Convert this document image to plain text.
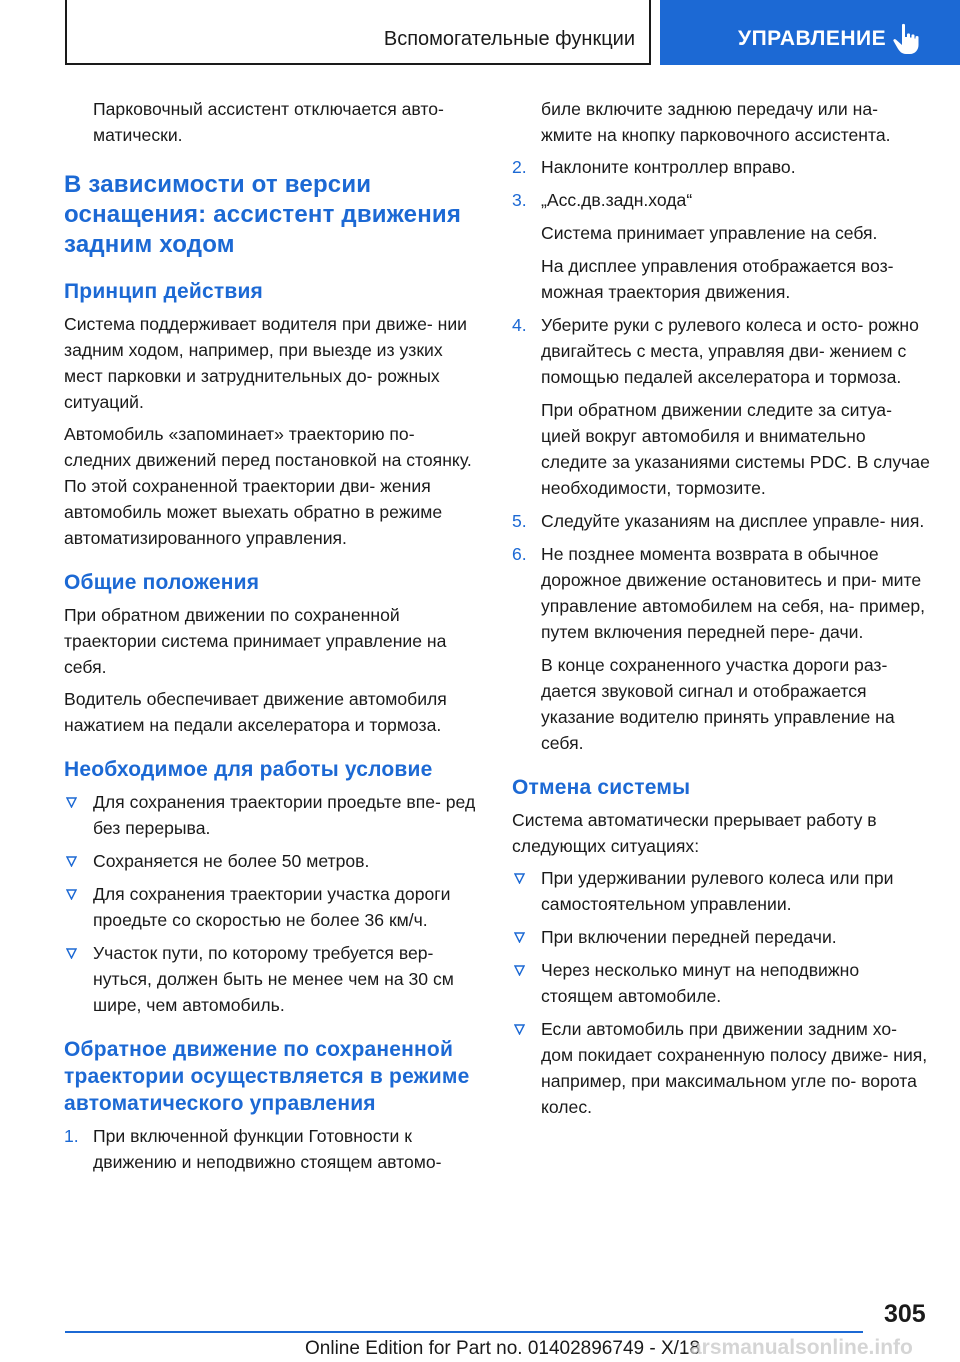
Вспомогательные функции	УПРАВЛЕНИЕ

Парковочный ассистент отключается авто- матически.

В зависимости от версии оснащения: ассистент движения задним ходом
Принцип действия

Система поддерживает водителя при движе- нии задним ходом, например, при выезде из узких мест парковки и затруднительных до- рожных ситуаций.

Автомобиль «запоминает» траекторию по- следних движений перед постановкой на стоянку. По этой сохраненной траектории дви- жения автомобиль может выехать обратно в режиме автоматизированного управления.

Общие положения

При обратном движении по сохраненной траектории система принимает управление на себя.

Водитель обеспечивает движение автомобиля нажатием на педали акселератора и тормоза.

Необходимое для работы условие
Для сохранения траектории проедьте впе- ред без перерыва.
Сохраняется не более 50 метров.
Для сохранения траектории участка дороги проедьте со скоростью не более 36 км/ч.
Участок пути, по которому требуется вер- нуться, должен быть не менее чем на 30 см шире, чем автомобиль.
Обратное движение по сохраненной траектории осуществляется в режиме автоматического управления
1. При включенной функции Готовности к движению и неподвижно стоящем автомо-

биле включите заднюю передачу или на- жмите на кнопку парковочного ассистента.

2. Наклоните контроллер вправо.
3. „Асс.дв.задн.хода“
Система принимает управление на себя.
На дисплее управления отображается воз- можная траектория движения.
4. Уберите руки с рулевого колеса и осто- рожно двигайтесь с места, управляя дви- жением с помощью педалей акселератора и тормоза.
При обратном движении следите за ситуа- цией вокруг автомобиля и внимательно следите за указаниями системы PDC. В случае необходимости, тормозите.
5. Следуйте указаниям на дисплее управле- ния.
6. Не позднее момента возврата в обычное дорожное движение остановитесь и при- мите управление автомобилем на себя, на- пример, путем включения передней пере- дачи.
В конце сохраненного участка дороги раз- дается звуковой сигнал и отображается указание водителю принять управление на себя.
Отмена системы

Система автоматически прерывает работу в следующих ситуациях:

При удерживании рулевого колеса или при самостоятельном управлении.
При включении передней передачи.
Через несколько минут на неподвижно стоящем автомобиле.
Если автомобиль при движении задним хо- дом покидает сохраненную полосу движе- ния, например, при максимальном угле по- ворота колес.
305
Online Edition for Part no. 01402896749 - X/18
arsmanualsonline.info
